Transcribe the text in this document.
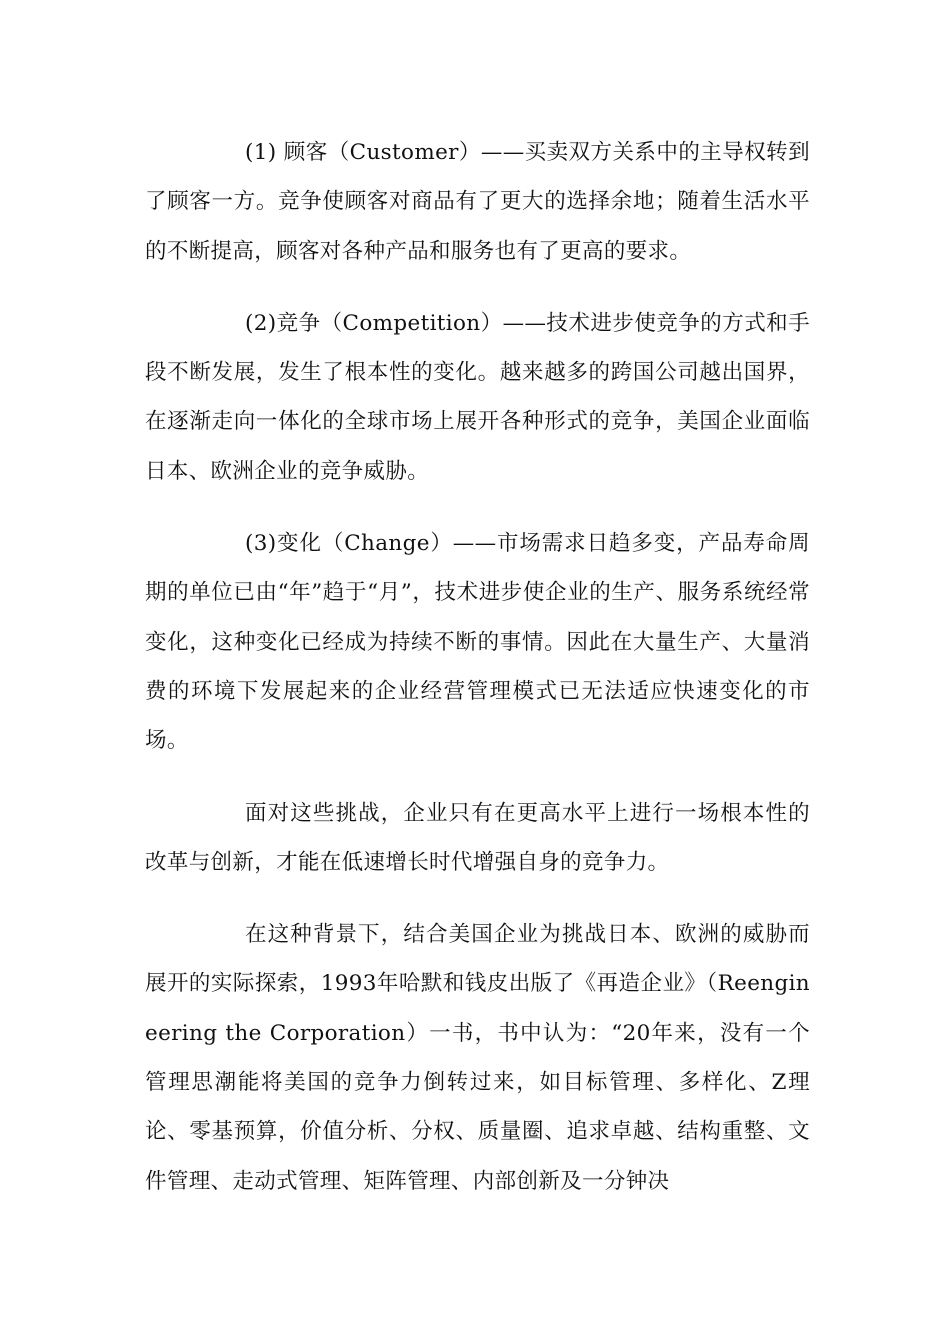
(1) 顾客（Customer）——买卖双方关系中的主导权转到了顾客一方。竞争使顾客对商品有了更大的选择余地；随着生活水平的不断提高，顾客对各种产品和服务也有了更高的要求。

(2)竞争（Competition）——技术进步使竞争的方式和手段不断发展，发生了根本性的变化。越来越多的跨国公司越出国界，在逐渐走向一体化的全球市场上展开各种形式的竞争，美国企业面临日本、欧洲企业的竞争威胁。

(3)变化（Change）——市场需求日趋多变，产品寿命周期的单位已由“年”趋于“月”，技术进步使企业的生产、服务系统经常变化，这种变化已经成为持续不断的事情。因此在大量生产、大量消费的环境下发展起来的企业经营管理模式已无法适应快速变化的市场。

面对这些挑战，企业只有在更高水平上进行一场根本性的改革与创新，才能在低速增长时代增强自身的竞争力。

在这种背景下，结合美国企业为挑战日本、欧洲的威胁而展开的实际探索，1993年哈默和钱皮出版了《再造企业》（Reengineering the Corporation）一书，书中认为：“20年来，没有一个管理思潮能将美国的竞争力倒转过来，如目标管理、多样化、Z理论、零基预算，价值分析、分权、质量圈、追求卓越、结构重整、文件管理、走动式管理、矩阵管理、内部创新及一分钟决
